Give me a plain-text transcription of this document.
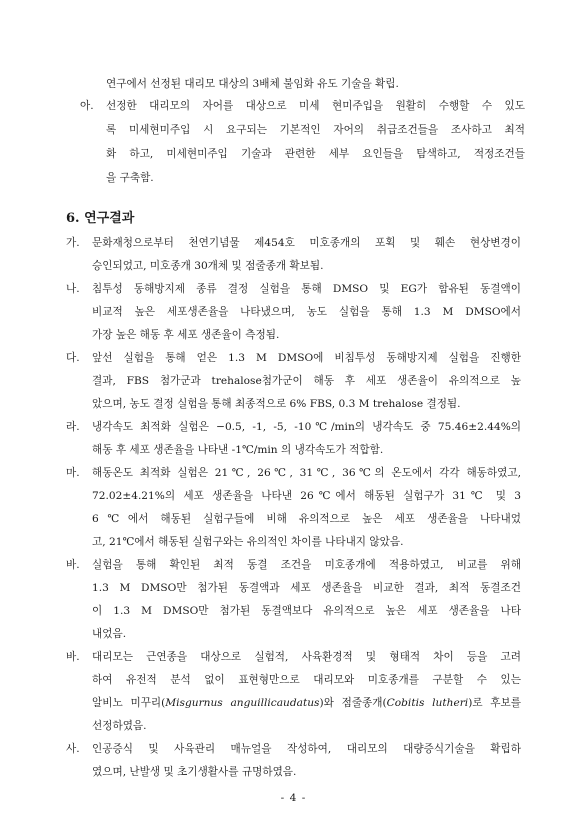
연구에서 선정된 대리모 대상의 3배체 불임화 유도 기술을 확립.
아. 선정한 대리모의 자어를 대상으로 미세 현미주입을 원활히 수행할 수 있도
록 미세현미주입 시 요구되는 기본적인 자어의 취급조건들을 조사하고 최적
화 하고, 미세현미주입 기술과 관련한 세부 요인들을 탐색하고, 적정조건들
을 구축함.
6. 연구결과
가. 문화재청으로부터 천연기념물 제454호 미호종개의 포획 및 훼손 현상변경이
승인되었고, 미호종개 30개체 및 점줄종개 확보됨.
나. 침투성 동해방지제 종류 결정 실험을 통해 DMSO 및 EG가 함유된 동결액이
비교적 높은 세포생존율을 나타냈으며, 농도 실험을 통해 1.3 M DMSO에서
가장 높은 해동 후 세포 생존율이 측정됨.
다. 앞선 실험을 통해 얻은 1.3 M DMSO에 비침투성 동해방지제 실험을 진행한
결과, FBS 첨가군과 trehalose첨가군이 해동 후 세포 생존율이 유의적으로 높
았으며, 농도 결정 실험을 통해 최종적으로 6% FBS, 0.3 M trehalose 결정됨.
라. 냉각속도 최적화 실험은 −0.5, -1, -5, -10℃/min의 냉각속도 중 75.46±2.44%의
해동 후 세포 생존율을 나타낸 -1℃/min 의 냉각속도가 적합함.
마. 해동온도 최적화 실험은 21℃, 26℃, 31℃, 36℃의 온도에서 각각 해동하였고,
72.02±4.21%의 세포 생존율을 나타낸 26℃에서 해동된 실험구가 31℃ 및 3
6℃에서 해동된 실험구들에 비해 유의적으로 높은 세포 생존율을 나타내었
고, 21℃에서 해동된 실험구와는 유의적인 차이를 나타내지 않았음.
바. 실험을 통해 확인된 최적 동결 조건을 미호종개에 적용하였고, 비교를 위해
1.3 M DMSO만 첨가된 동결액과 세포 생존율을 비교한 결과, 최적 동결조건
이 1.3 M DMSO만 첨가된 동결액보다 유의적으로 높은 세포 생존율을 나타
내었음.
바. 대리모는 근연종을 대상으로 실험적, 사육환경적 및 형태적 차이 등을 고려
하여 유전적 분석 없이 표현형만으로 대리모와 미호종개를 구분할 수 있는
알비노 미꾸리(Misgurnus anguillicaudatus)와 점줄종개(Cobitis lutheri)로 후보를
선정하였음.
사. 인공증식 및 사육관리 매뉴얼을 작성하여, 대리모의 대량증식기술을 확립하
였으며, 난발생 및 초기생활사를 규명하였음.
- 4 -
